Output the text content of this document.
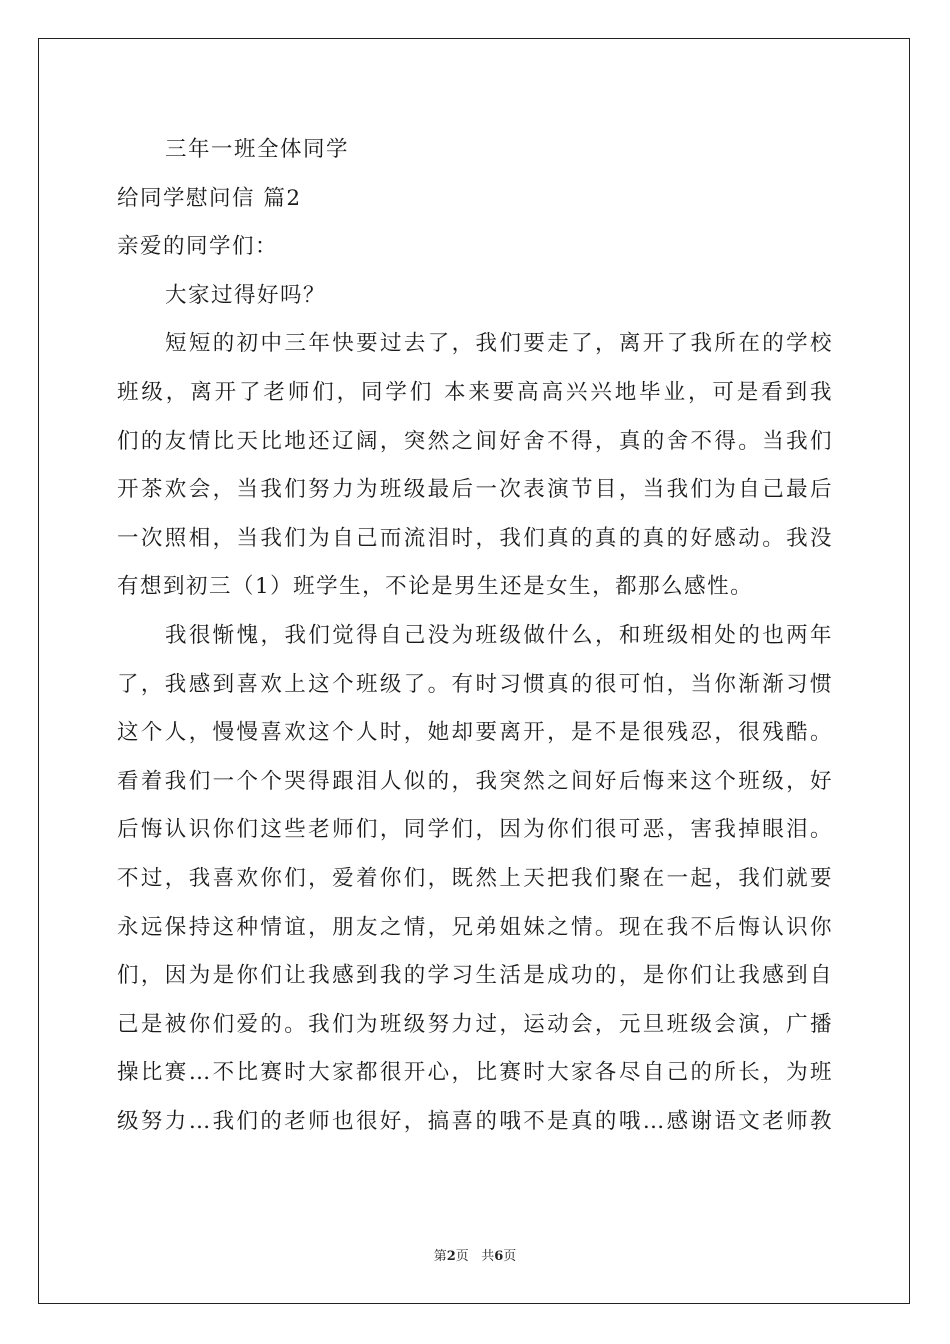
三年一班全体同学

给同学慰问信 篇2

亲爱的同学们：

大家过得好吗？

短短的初中三年快要过去了，我们要走了，离开了我所在的学校

班级，离开了老师们，同学们 本来要高高兴兴地毕业，可是看到我

们的友情比天比地还辽阔，突然之间好舍不得，真的舍不得。当我们

开茶欢会，当我们努力为班级最后一次表演节目，当我们为自己最后

一次照相，当我们为自己而流泪时，我们真的真的真的好感动。我没

有想到初三（1）班学生，不论是男生还是女生，都那么感性。

我很惭愧，我们觉得自己没为班级做什么，和班级相处的也两年

了，我感到喜欢上这个班级了。有时习惯真的很可怕，当你渐渐习惯

这个人，慢慢喜欢这个人时，她却要离开，是不是很残忍，很残酷。

看着我们一个个哭得跟泪人似的，我突然之间好后悔来这个班级，好

后悔认识你们这些老师们，同学们，因为你们很可恶，害我掉眼泪。

不过，我喜欢你们，爱着你们，既然上天把我们聚在一起，我们就要

永远保持这种情谊，朋友之情，兄弟姐妹之情。现在我不后悔认识你

们，因为是你们让我感到我的学习生活是成功的，是你们让我感到自

己是被你们爱的。我们为班级努力过，运动会，元旦班级会演，广播

操比赛…不比赛时大家都很开心，比赛时大家各尽自己的所长，为班

级努力…我们的老师也很好，搞喜的哦不是真的哦…感谢语文老师教

第2页 共6页
